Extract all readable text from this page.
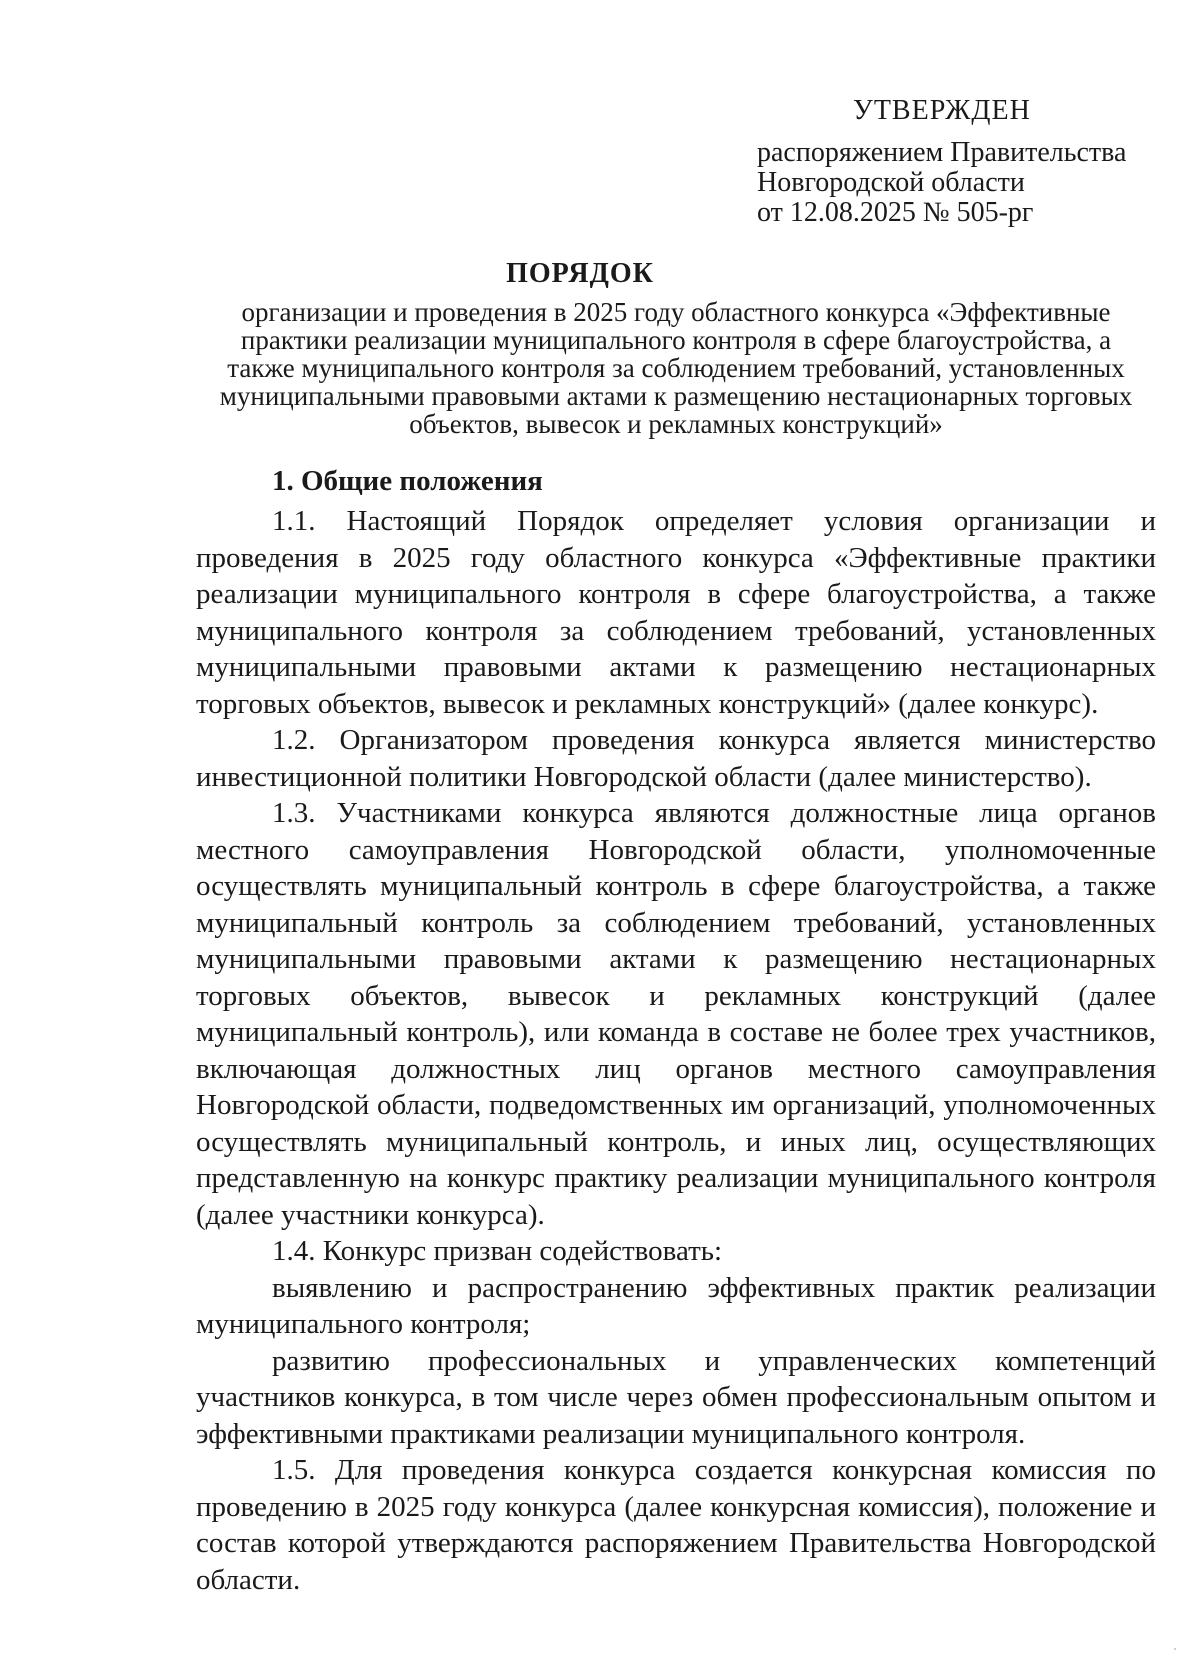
УТВЕРЖДЕН
распоряжением Правительства
Новгородской области
от 12.08.2025 № 505-рг
ПОРЯДОК
организации и проведения в 2025 году областного конкурса «Эффективные
практики реализации муниципального контроля в сфере благоустройства, а
также муниципального контроля за соблюдением требований, установленных
муниципальными правовыми актами к размещению нестационарных торговых
объектов, вывесок и рекламных конструкций»
1. Общие положения

1.1. Настоящий Порядок определяет условия организации и проведения в 2025 году областного конкурса «Эффективные практики реализации муниципального контроля в сфере благоустройства, а также муниципального контроля за соблюдением требований, установленных муниципальными правовыми актами к размещению нестационарных торговых объектов, вывесок и рекламных конструкций» (далее конкурс).

1.2. Организатором проведения конкурса является министерство инвестиционной политики Новгородской области (далее министерство).

1.3. Участниками конкурса являются должностные лица органов местного самоуправления Новгородской области, уполномоченные осуществлять муниципальный контроль в сфере благоустройства, а также муниципальный контроль за соблюдением требований, установленных муниципальными правовыми актами к размещению нестационарных торговых объектов, вывесок и рекламных конструкций (далее муниципальный контроль), или команда в составе не более трех участников, включающая должностных лиц органов местного самоуправления Новгородской области, подведомственных им организаций, уполномоченных осуществлять муниципальный контроль, и иных лиц, осуществляющих представленную на конкурс практику реализации муниципального контроля (далее участники конкурса).

1.4. Конкурс призван содействовать:

выявлению и распространению эффективных практик реализации муниципального контроля;

развитию профессиональных и управленческих компетенций участников конкурса, в том числе через обмен профессиональным опытом и эффективными практиками реализации муниципального контроля.

1.5. Для проведения конкурса создается конкурсная комиссия по проведению в 2025 году конкурса (далее конкурсная комиссия), положение и состав которой утверждаются распоряжением Правительства Новгородской области.
